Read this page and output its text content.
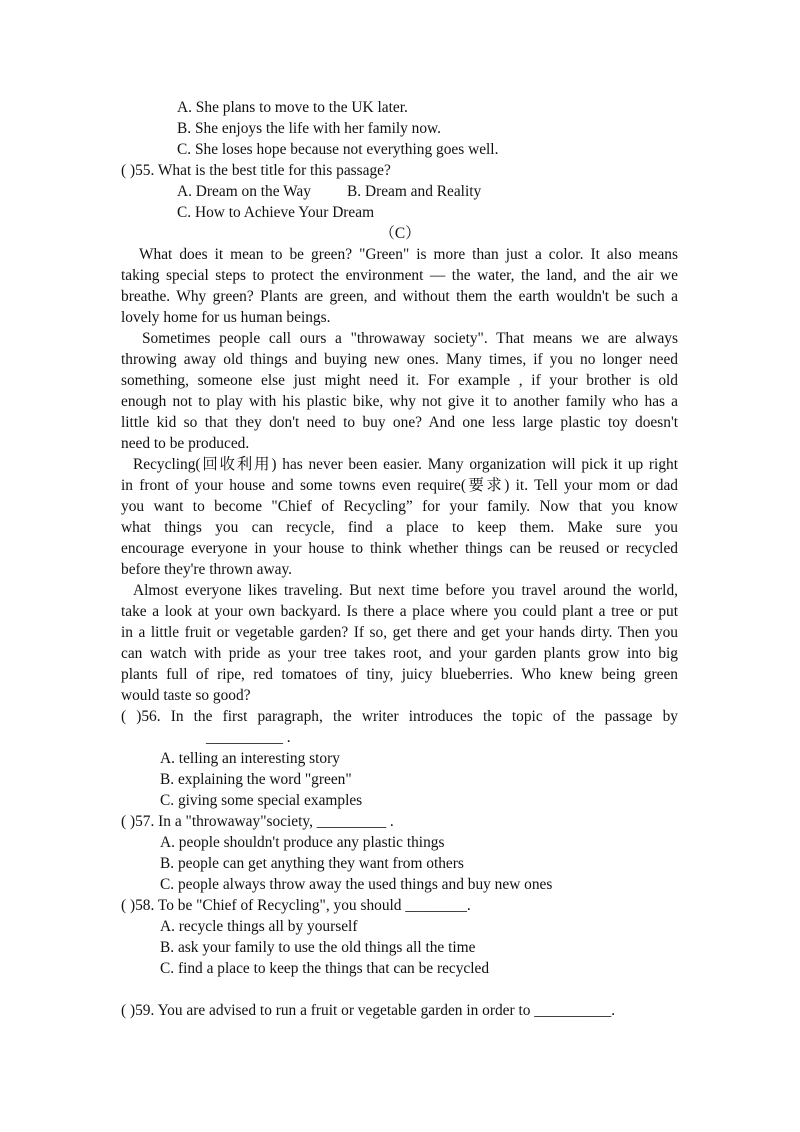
A. She plans to move to the UK later.
B. She enjoys the life with her family now.
C. She loses hope because not everything goes well.
( )55. What is the best title for this passage?
A. Dream on the Way B. Dream and Reality
C. How to Achieve Your Dream
（C）
What does it mean to be green? "Green" is more than just a color. It also means
taking special steps to protect the environment — the water, the land, and the air we
breathe. Why green? Plants are green, and without them the earth wouldn't be such a
lovely home for us human beings.
Sometimes people call ours a "throwaway society". That means we are always
throwing away old things and buying new ones. Many times, if you no longer need
something, someone else just might need it. For example , if your brother is old
enough not to play with his plastic bike, why not give it to another family who has a
little kid so that they don't need to buy one? And one less large plastic toy doesn't
need to be produced.
Recycling(回收利用) has never been easier. Many organization will pick it up right
in front of your house and some towns even require(要求) it. Tell your mom or dad
you want to become "Chief of Recycling” for your family. Now that you know
what things you can recycle, find a place to keep them. Make sure you
encourage everyone in your house to think whether things can be reused or recycled
before they're thrown away.
Almost everyone likes traveling. But next time before you travel around the world,
take a look at your own backyard. Is there a place where you could plant a tree or put
in a little fruit or vegetable garden? If so, get there and get your hands dirty. Then you
can watch with pride as your tree takes root, and your garden plants grow into big
plants full of ripe, red tomatoes of tiny, juicy blueberries. Who knew being green
would taste so good?
( )56. In the first paragraph, the writer introduces the topic of the passage by
__________ .
A. telling an interesting story
B. explaining the word "green"
C. giving some special examples
( )57. In a "throwaway"society, _________ .
A. people shouldn't produce any plastic things
B. people can get anything they want from others
C. people always throw away the used things and buy new ones
( )58. To be "Chief of Recycling", you should ________.
A. recycle things all by yourself
B. ask your family to use the old things all the time
C. find a place to keep the things that can be recycled
( )59. You are advised to run a fruit or vegetable garden in order to __________.
